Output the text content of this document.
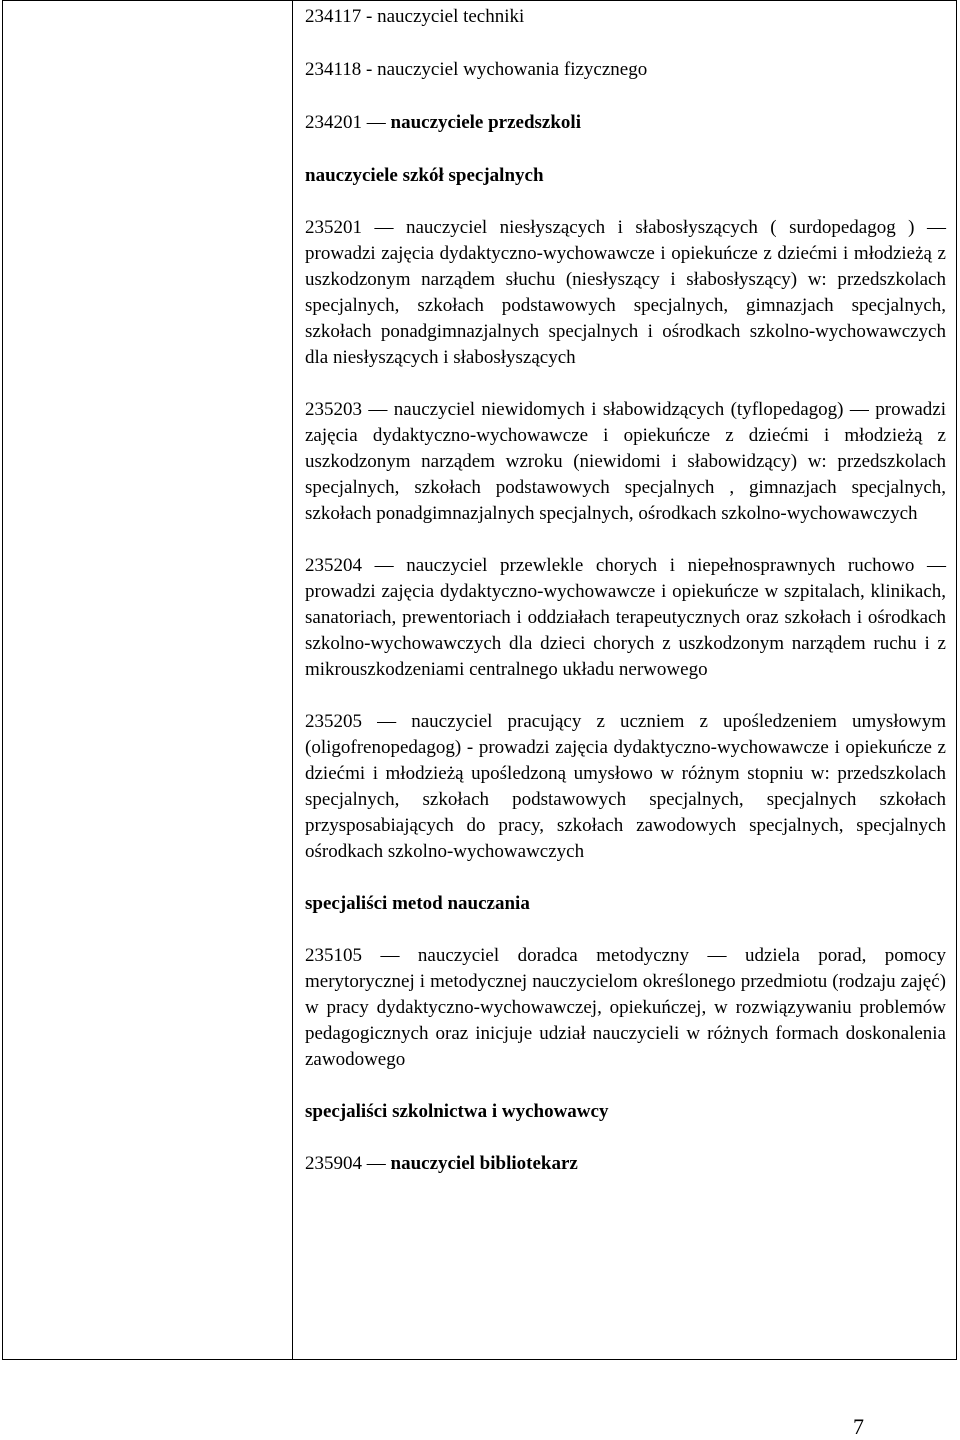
234117 - nauczyciel techniki

234118 - nauczyciel wychowania fizycznego

234201 — nauczyciele przedszkoli

nauczyciele szkół specjalnych

235201 — nauczyciel niesłyszących i słabosłyszących ( surdopedagog ) — prowadzi zajęcia dydaktyczno-wychowawcze i opiekuńcze z dziećmi i młodzieżą z uszkodzonym narządem słuchu (niesłyszący i słabosłyszący) w: przedszkolach specjalnych, szkołach podstawowych specjalnych, gimnazjach specjalnych, szkołach ponadgimnazjalnych specjalnych i ośrodkach szkolno-wychowawczych dla niesłyszących i słabosłyszących

235203 — nauczyciel niewidomych i słabowidzących (tyflopedagog) — prowadzi zajęcia dydaktyczno-wychowawcze i opiekuńcze z dziećmi i młodzieżą z uszkodzonym narządem wzroku (niewidomi i słabowidzący) w: przedszkolach specjalnych, szkołach podstawowych specjalnych , gimnazjach specjalnych, szkołach ponadgimnazjalnych specjalnych, ośrodkach szkolno-wychowawczych

235204 — nauczyciel przewlekle chorych i niepełnosprawnych ruchowo — prowadzi zajęcia dydaktyczno-wychowawcze i opiekuńcze w szpitalach, klinikach, sanatoriach, prewentoriach i oddziałach terapeutycznych oraz szkołach i ośrodkach szkolno-wychowawczych dla dzieci chorych z uszkodzonym narządem ruchu i z mikrouszkodzeniami centralnego układu nerwowego

235205 — nauczyciel pracujący z uczniem z upośledzeniem umysłowym (oligofrenopedagog) - prowadzi zajęcia dydaktyczno-wychowawcze i opiekuńcze z dziećmi i młodzieżą upośledzoną umysłowo w różnym stopniu w: przedszkolach specjalnych, szkołach podstawowych specjalnych, specjalnych szkołach przysposabiających do pracy, szkołach zawodowych specjalnych, specjalnych ośrodkach szkolno-wychowawczych

specjaliści metod nauczania

235105 — nauczyciel doradca metodyczny — udziela porad, pomocy merytorycznej i metodycznej nauczycielom określonego przedmiotu (rodzaju zajęć) w pracy dydaktyczno-wychowawczej, opiekuńczej, w rozwiązywaniu problemów pedagogicznych oraz inicjuje udział nauczycieli w różnych formach doskonalenia zawodowego

specjaliści szkolnictwa i wychowawcy

235904 — nauczyciel bibliotekarz

7
